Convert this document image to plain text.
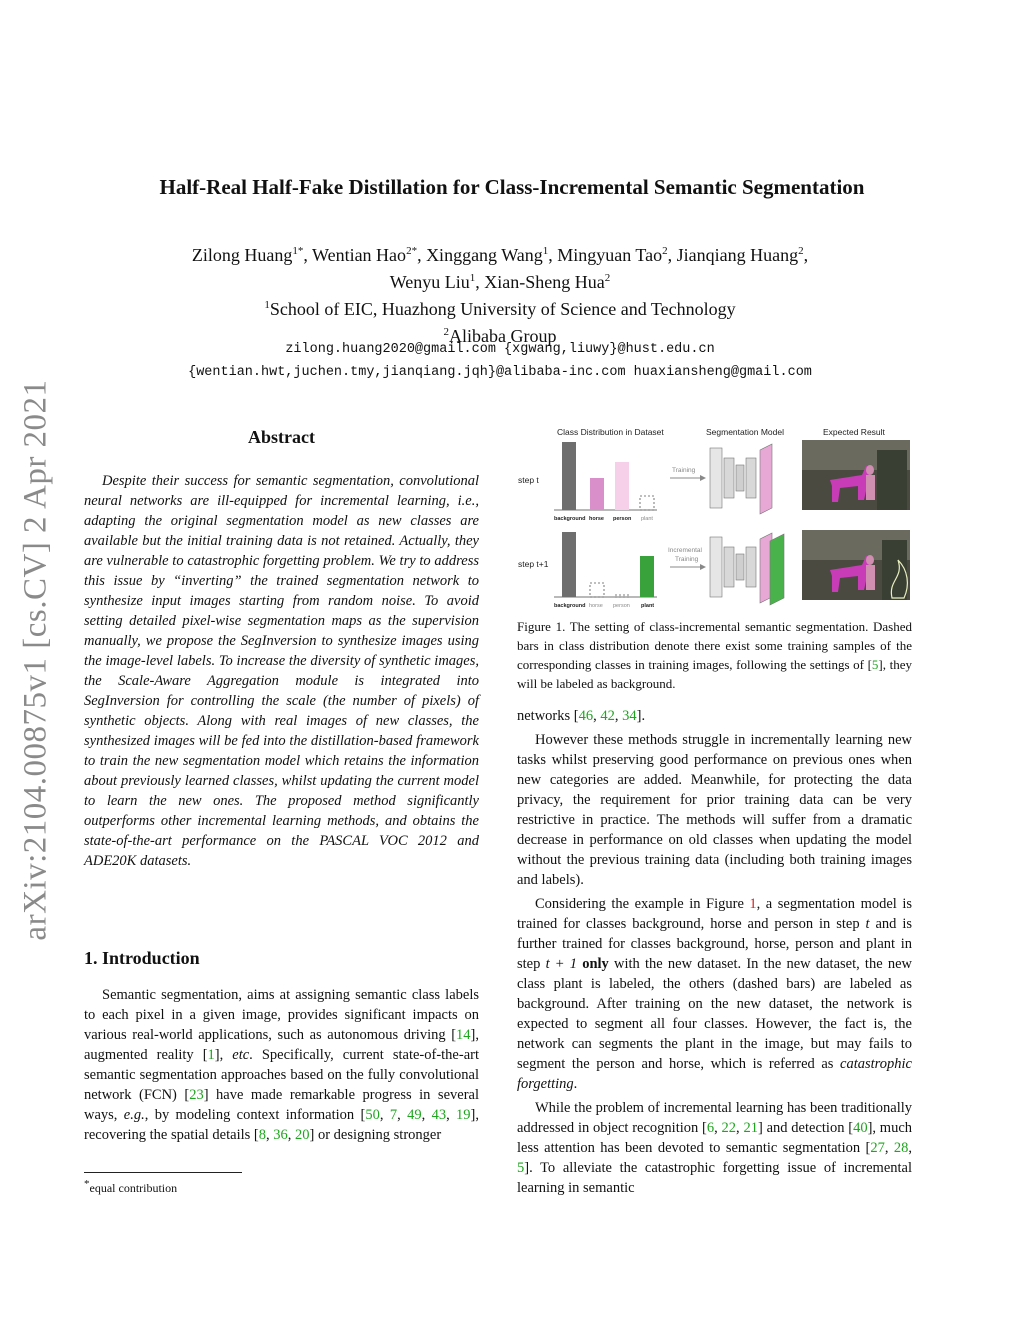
arXiv:2104.00875v1 [cs.CV] 2 Apr 2021
Half-Real Half-Fake Distillation for Class-Incremental Semantic Segmentation
Zilong Huang$^{1*}$, Wentian Hao$^{2*}$, Xinggang Wang$^1$, Mingyuan Tao$^2$, Jianqiang Huang$^2$,
Wenyu Liu$^1$, Xian-Sheng Hua$^2$
$^1$School of EIC, Huazhong University of Science and Technology
$^2$Alibaba Group
zilong.huang2020@gmail.com {xgwang,liuwy}@hust.edu.cn
{wentian.hwt,juchen.tmy,jianqiang.jqh}@alibaba-inc.com huaxiansheng@gmail.com
Abstract

Despite their success for semantic segmentation, convolutional neural networks are ill-equipped for incremental learning, i.e., adapting the original segmentation model as new classes are available but the initial training data is not retained. Actually, they are vulnerable to catastrophic forgetting problem. We try to address this issue by “inverting” the trained segmentation network to synthesize input images starting from random noise. To avoid setting detailed pixel-wise segmentation maps as the supervision manually, we propose the SegInversion to synthesize images using the image-level labels. To increase the diversity of synthetic images, the Scale-Aware Aggregation module is integrated into SegInversion for controlling the scale (the number of pixels) of synthetic objects. Along with real images of new classes, the synthesized images will be fed into the distillation-based framework to train the new segmentation model which retains the information about previously learned classes, whilst updating the current model to learn the new ones. The proposed method significantly outperforms other incremental learning methods, and obtains the state-of-the-art performance on the PASCAL VOC 2012 and ADE20K datasets.

1. Introduction

Semantic segmentation, aims at assigning semantic class labels to each pixel in a given image, provides significant impacts on various real-world applications, such as autonomous driving [14], augmented reality [1], etc. Specifically, current state-of-the-art semantic segmentation approaches based on the fully convolutional network (FCN) [23] have made remarkable progress in several ways, e.g., by modeling context information [50, 7, 49, 43, 19], recovering the spatial details [8, 36, 20] or designing stronger

*equal contribution
Class Distribution in Dataset	Segmentation Model	Expected Result
step t
background horse person plant
Training
step t+1
background horse person plant
Incremental
Training
Figure 1. The setting of class-incremental semantic segmentation. Dashed bars in class distribution denote there exist some training samples of the corresponding classes in training images, following the settings of [5], they will be labeled as background.

networks [46, 42, 34].

However these methods struggle in incrementally learning new tasks whilst preserving good performance on previous ones when new categories are added. Meanwhile, for protecting the data privacy, the requirement for prior training data can be very restrictive in practice. The methods will suffer from a dramatic decrease in performance on old classes when updating the model without the previous training data (including both training images and labels).

Considering the example in Figure 1, a segmentation model is trained for classes background, horse and person in step t and is further trained for classes background, horse, person and plant in step t + 1 only with the new dataset. In the new dataset, the new class plant is labeled, the others (dashed bars) are labeled as background. After training on the new dataset, the network is expected to segment all four classes. However, the fact is, the network can segments the plant in the image, but may fails to segment the person and horse, which is referred as catastrophic forgetting.

While the problem of incremental learning has been traditionally addressed in object recognition [6, 22, 21] and detection [40], much less attention has been devoted to semantic segmentation [27, 28, 5]. To alleviate the catastrophic forgetting issue of incremental learning in semantic
